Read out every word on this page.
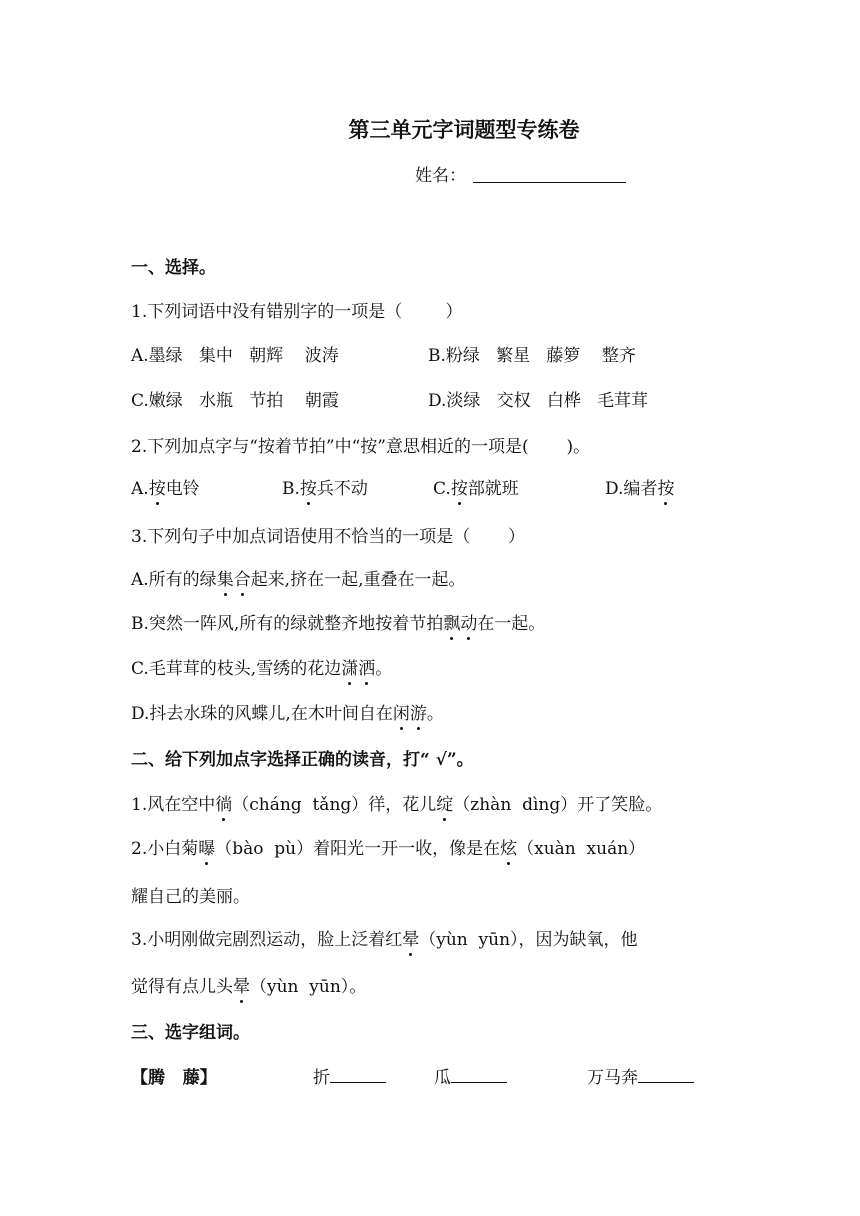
第三单元字词题型专练卷
姓名：
一、选择。
1.下列词语中没有错别字的一项是（        ）
A.墨绿   集中   朝辉    波涛	B.粉绿   繁星   藤箩    整齐
C.嫩绿   水瓶   节拍    朝霞	D.淡绿   交权   白桦   毛茸茸
2.下列加点字与“按着节拍”中“按”意思相近的一项是(       )。
A.按电铃	B.按兵不动	C.按部就班	D.编者按
3.下列句子中加点词语使用不恰当的一项是（       ）
A.所有的绿集合起来,挤在一起,重叠在一起。
B.突然一阵风,所有的绿就整齐地按着节拍飘动在一起。
C.毛茸茸的枝头,雪绣的花边潇洒。
D.抖去水珠的风蝶儿,在木叶间自在闲游。
二、给下列加点字选择正确的读音，打“ √”。
1.风在空中徜（cháng  tǎng）徉，花儿绽（zhàn  dìng）开了笑脸。
2.小白菊曝（bào  pù）着阳光一开一收，像是在炫（xuàn  xuán）
耀自己的美丽。
3.小明刚做完剧烈运动，脸上泛着红晕（yùn  yūn），因为缺氧，他
觉得有点儿头晕（yùn  yūn）。
三、选字组词。
【腾   藤】	折	瓜	万马奔
